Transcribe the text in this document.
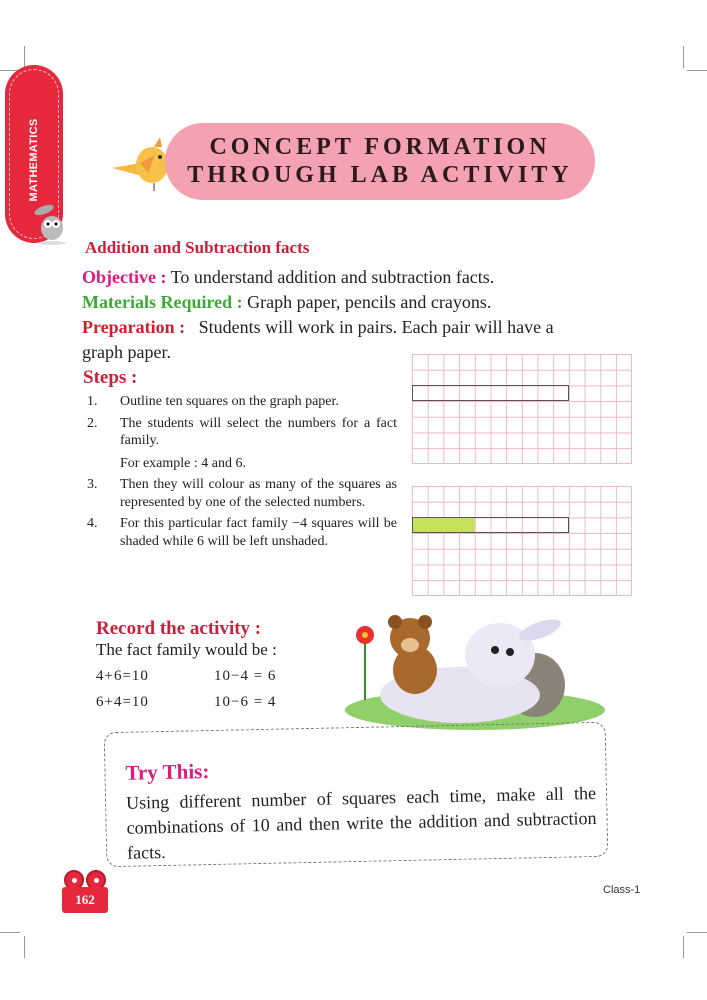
MATHEMATICS	CONCEPT FORMATION
THROUGH LAB ACTIVITY
Addition and Subtraction facts
Objective : To understand addition and subtraction facts.
Materials Required : Graph paper, pencils and crayons.
Preparation :   Students will work in pairs. Each pair will have a graph paper.
Steps :
1.	Outline ten squares on the graph paper.
2.	The students will select the numbers for a fact family.

For example : 4 and 6.
3.	Then they will colour as many of the squares as represented by one of the selected numbers.
4.	For this particular fact family −4 squares will be shaded while 6 will be left unshaded.
Record the activity :
The fact family would be :
4+6=10	10−4 = 6
6+4=10	10−6 = 4
Try This:
Using different number of squares each time, make all the combinations of 10 and then write the addition and subtraction facts.
162
Class-1
